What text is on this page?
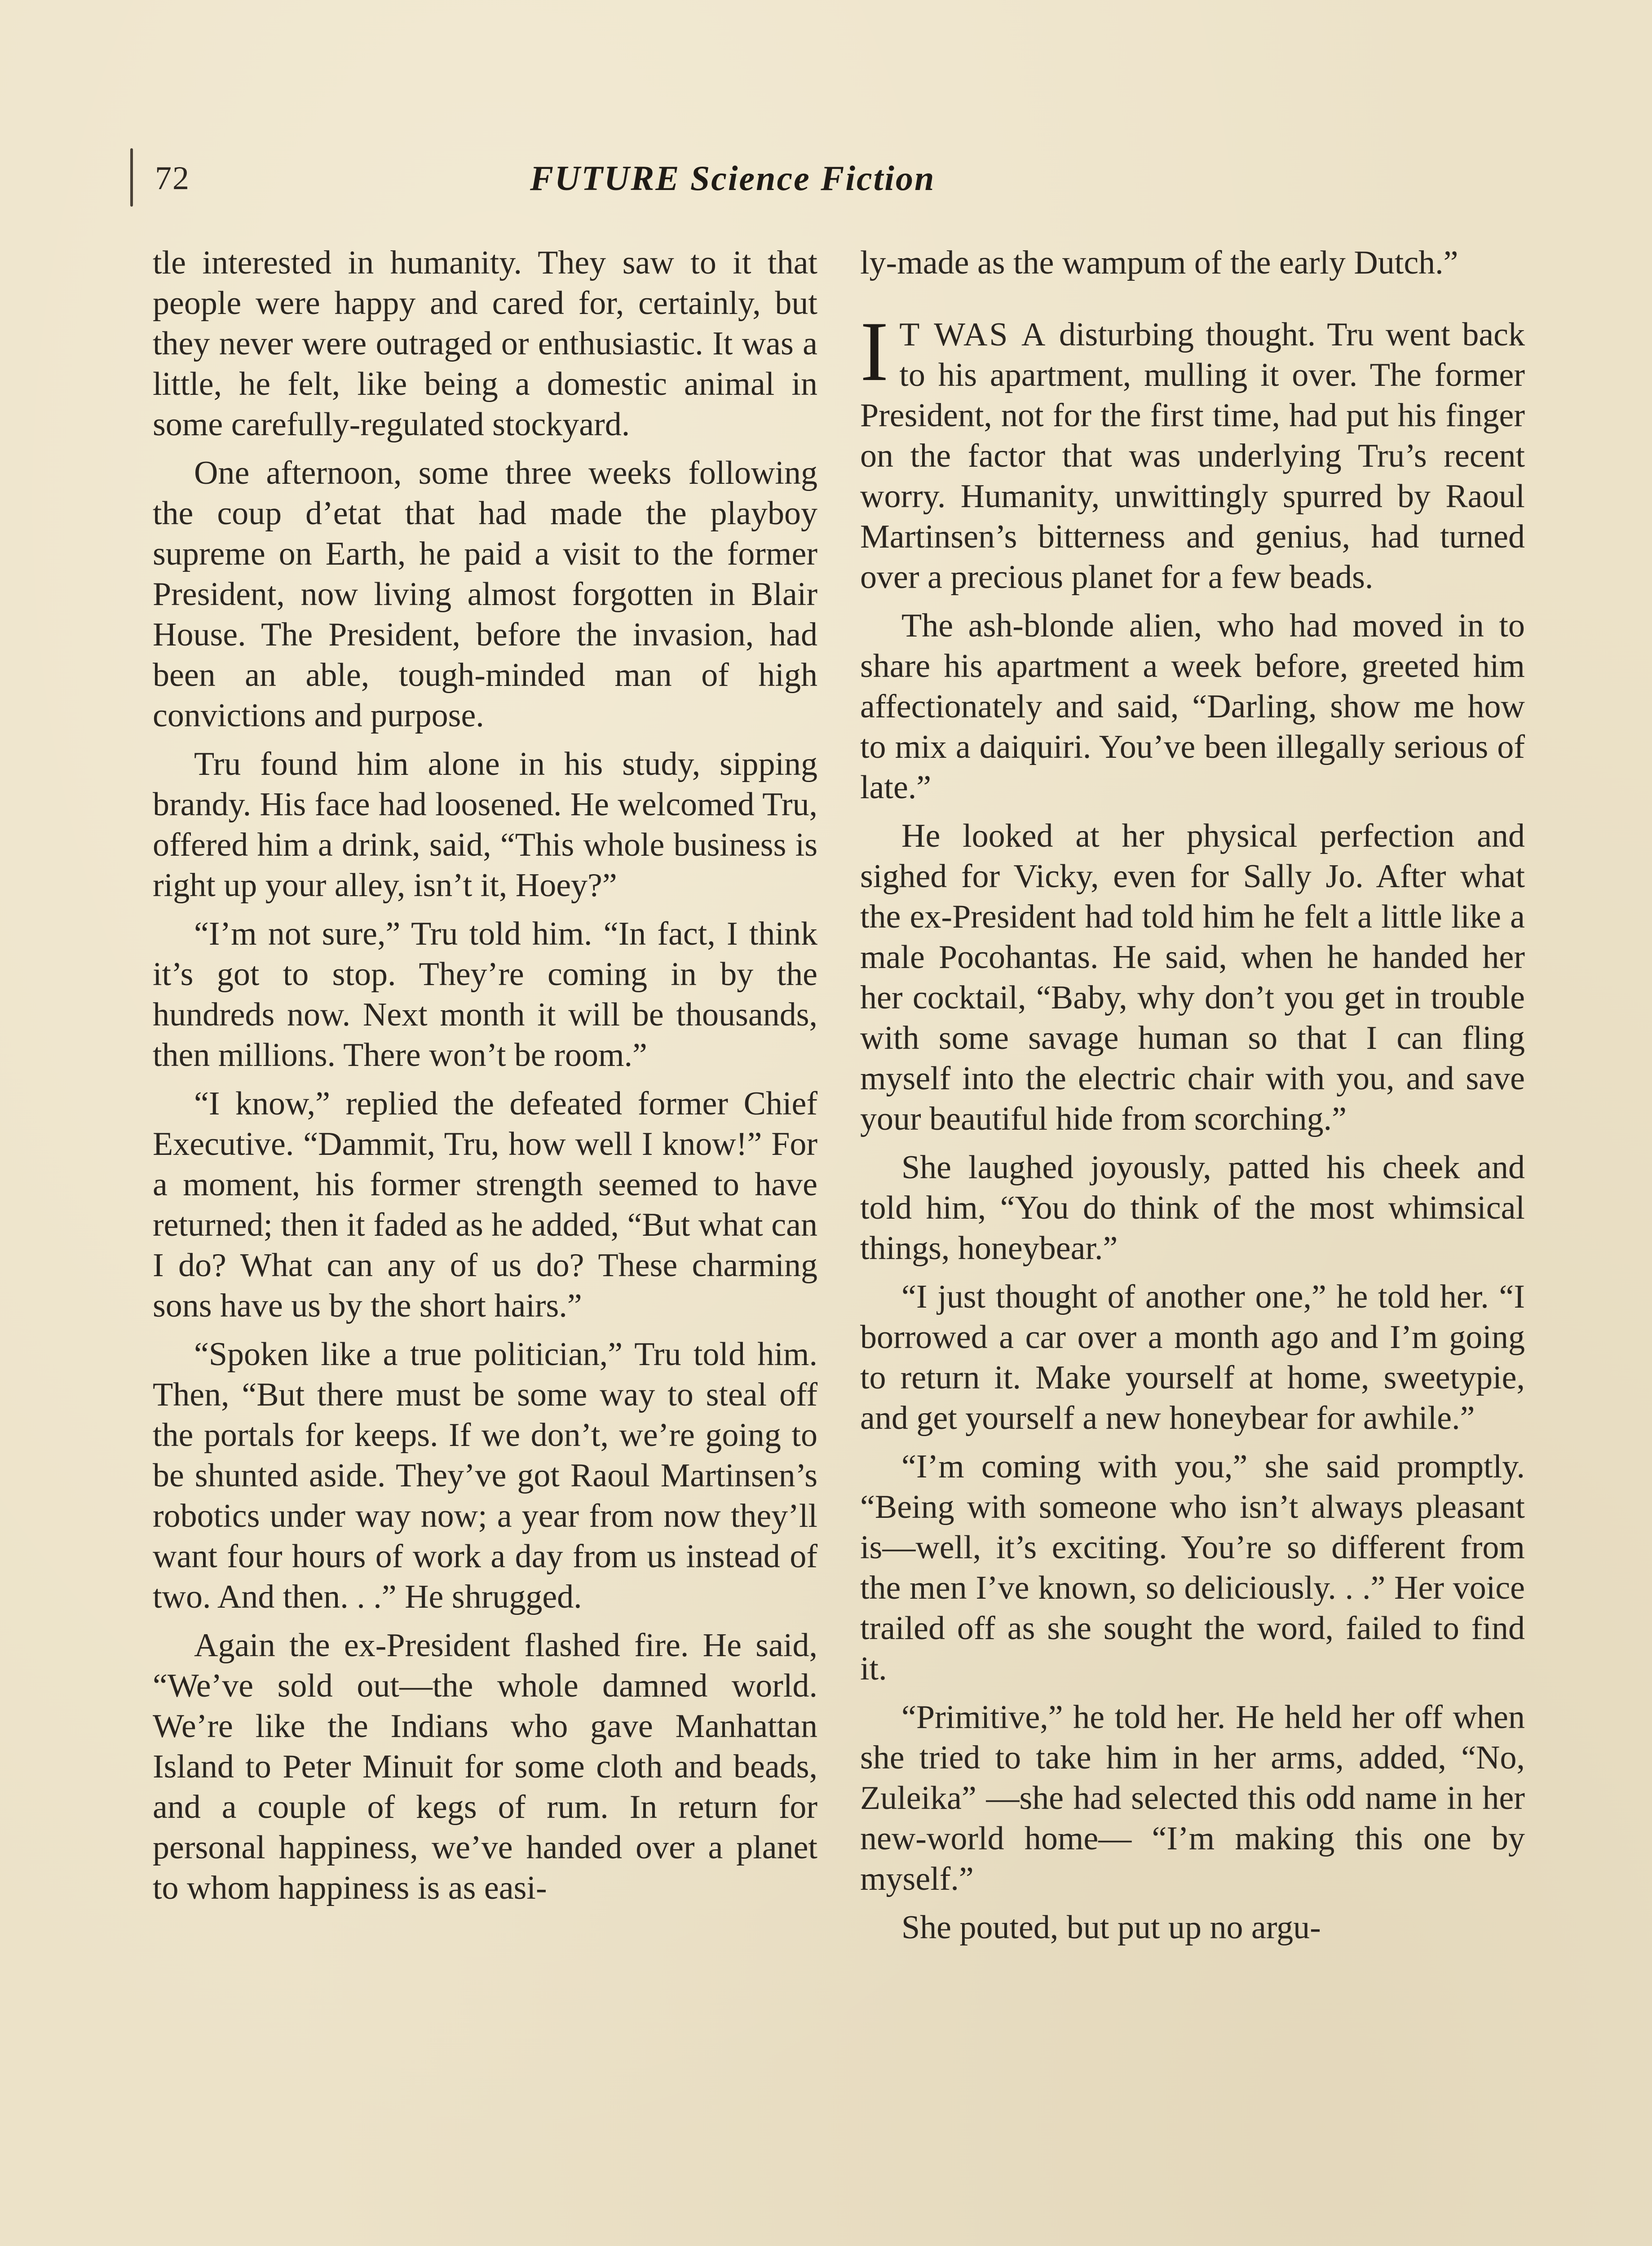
72	FUTURE Science Fiction

tle interested in humanity. They saw to it that people were happy and cared for, certainly, but they never were outraged or enthusiastic. It was a little, he felt, like being a domestic animal in some carefully-regulated stockyard.

One afternoon, some three weeks following the coup d’etat that had made the playboy supreme on Earth, he paid a visit to the former President, now living almost forgotten in Blair House. The President, before the invasion, had been an able, tough-minded man of high convictions and purpose.

Tru found him alone in his study, sipping brandy. His face had loosened. He welcomed Tru, offered him a drink, said, “This whole business is right up your alley, isn’t it, Hoey?”

“I’m not sure,” Tru told him. “In fact, I think it’s got to stop. They’re coming in by the hundreds now. Next month it will be thousands, then millions. There won’t be room.”

“I know,” replied the defeated former Chief Executive. “Dammit, Tru, how well I know!” For a moment, his former strength seemed to have returned; then it faded as he added, “But what can I do? What can any of us do? These charming sons have us by the short hairs.”

“Spoken like a true politician,” Tru told him. Then, “But there must be some way to steal off the portals for keeps. If we don’t, we’re going to be shunted aside. They’ve got Raoul Martinsen’s robotics under way now; a year from now they’ll want four hours of work a day from us instead of two. And then. . .” He shrugged.

Again the ex-President flashed fire. He said, “We’ve sold out—the whole damned world. We’re like the Indians who gave Manhattan Island to Peter Minuit for some cloth and beads, and a couple of kegs of rum. In return for personal happiness, we’ve handed over a planet to whom happiness is as easi-

ly-made as the wampum of the early Dutch.”

I T WAS A disturbing thought. Tru went back to his apartment, mulling it over. The former President, not for the first time, had put his finger on the factor that was underlying Tru’s recent worry. Humanity, unwittingly spurred by Raoul Martinsen’s bitterness and genius, had turned over a precious planet for a few beads.

The ash-blonde alien, who had moved in to share his apartment a week before, greeted him affectionately and said, “Darling, show me how to mix a daiquiri. You’ve been illegally serious of late.”

He looked at her physical perfection and sighed for Vicky, even for Sally Jo. After what the ex-President had told him he felt a little like a male Pocohantas. He said, when he handed her her cocktail, “Baby, why don’t you get in trouble with some savage human so that I can fling myself into the electric chair with you, and save your beautiful hide from scorching.”

She laughed joyously, patted his cheek and told him, “You do think of the most whimsical things, honeybear.”

“I just thought of another one,” he told her. “I borrowed a car over a month ago and I’m going to return it. Make yourself at home, sweetypie, and get yourself a new honeybear for awhile.”

“I’m coming with you,” she said promptly. “Being with someone who isn’t always pleasant is—well, it’s exciting. You’re so different from the men I’ve known, so deliciously. . .” Her voice trailed off as she sought the word, failed to find it.

“Primitive,” he told her. He held her off when she tried to take him in her arms, added, “No, Zuleika” —she had selected this odd name in her new-world home— “I’m making this one by myself.”

She pouted, but put up no argu-
